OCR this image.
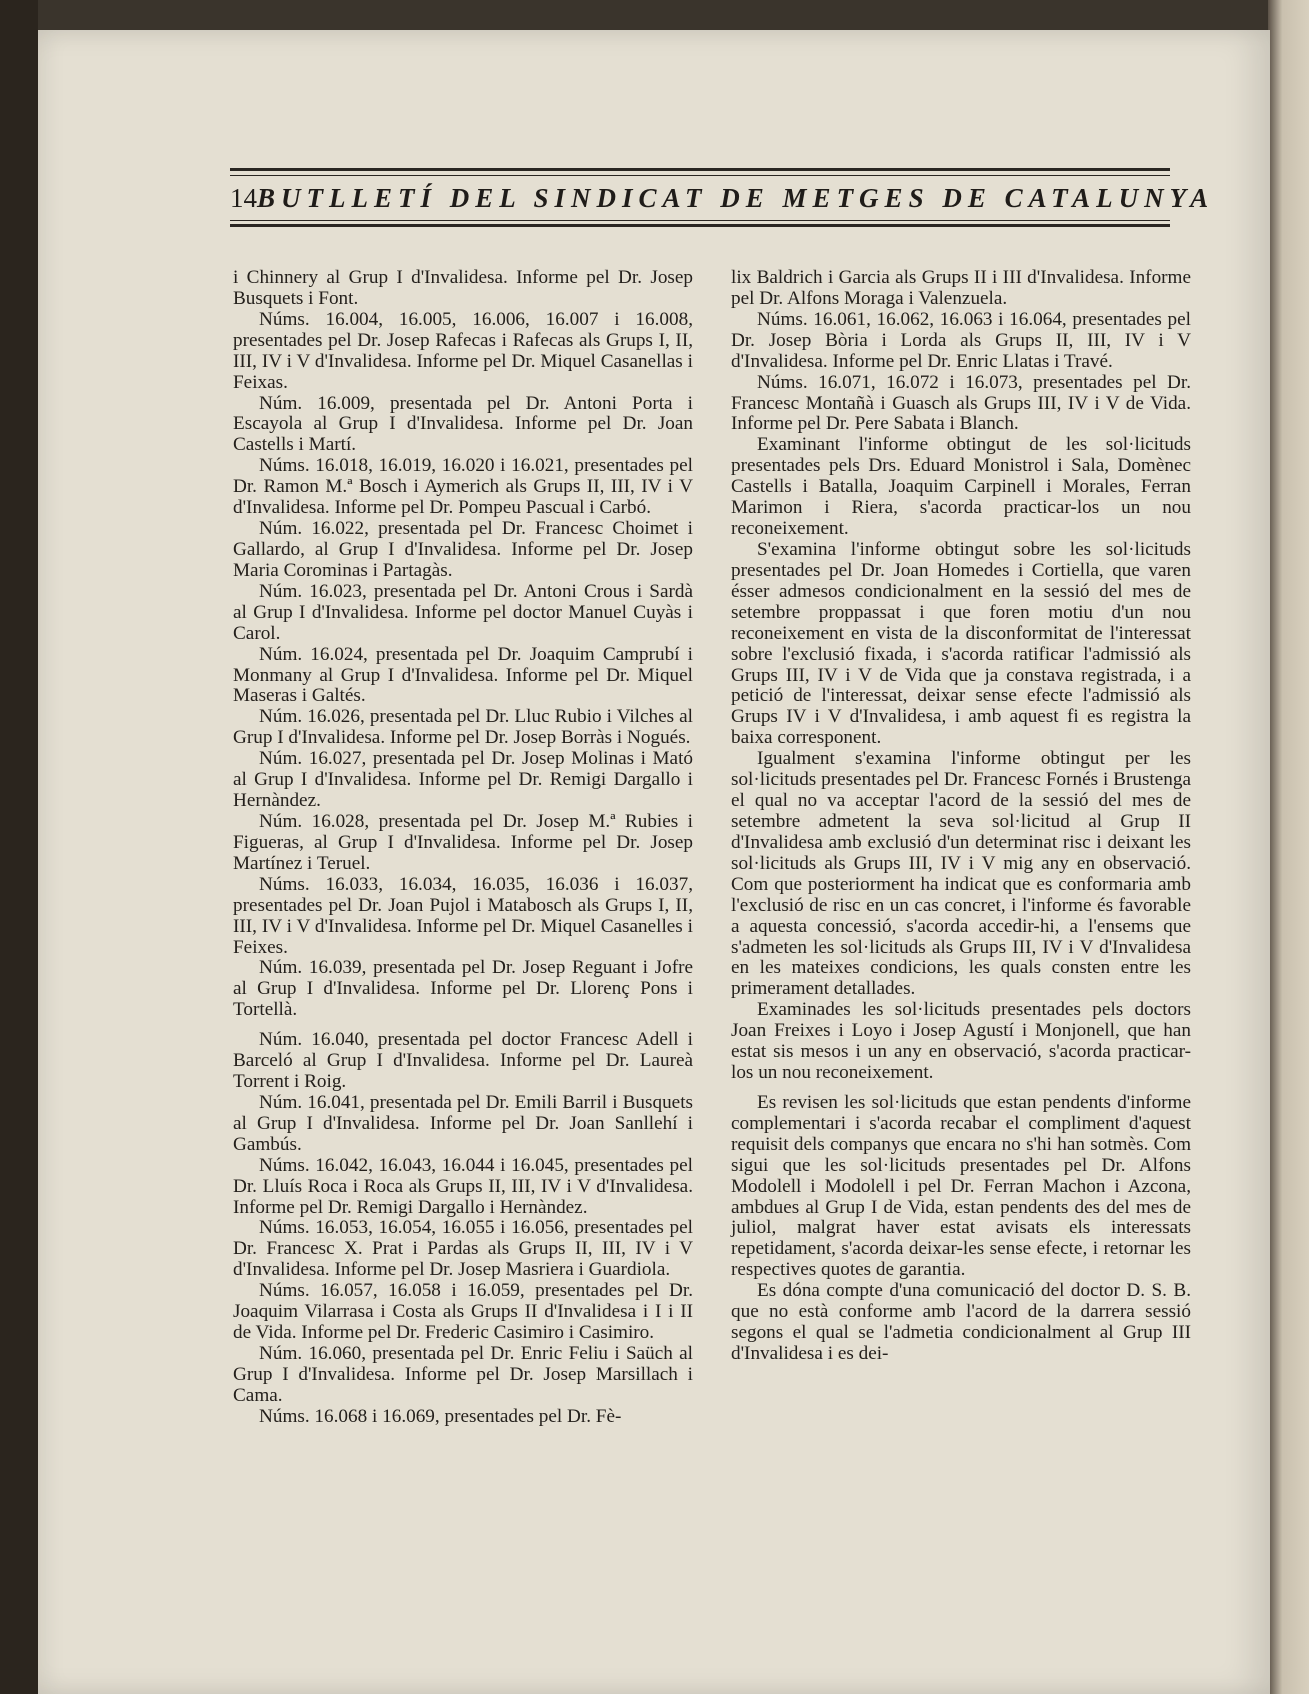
14 BUTLLETÍ DEL SINDICAT DE METGES DE CATALUNYA

i Chinnery al Grup I d'Invalidesa. Informe pel Dr. Josep Busquets i Font.

Núms. 16.004, 16.005, 16.006, 16.007 i 16.008, presentades pel Dr. Josep Rafecas i Rafecas als Grups I, II, III, IV i V d'Invalidesa. Informe pel Dr. Miquel Casanellas i Feixas.

Núm. 16.009, presentada pel Dr. Antoni Porta i Escayola al Grup I d'Invalidesa. Informe pel Dr. Joan Castells i Martí.

Núms. 16.018, 16.019, 16.020 i 16.021, presentades pel Dr. Ramon M.ª Bosch i Aymerich als Grups II, III, IV i V d'Invalidesa. Informe pel Dr. Pompeu Pascual i Carbó.

Núm. 16.022, presentada pel Dr. Francesc Choimet i Gallardo, al Grup I d'Invalidesa. Informe pel Dr. Josep Maria Corominas i Partagàs.

Núm. 16.023, presentada pel Dr. Antoni Crous i Sardà al Grup I d'Invalidesa. Informe pel doctor Manuel Cuyàs i Carol.

Núm. 16.024, presentada pel Dr. Joaquim Camprubí i Monmany al Grup I d'Invalidesa. Informe pel Dr. Miquel Maseras i Galtés.

Núm. 16.026, presentada pel Dr. Lluc Rubio i Vilches al Grup I d'Invalidesa. Informe pel Dr. Josep Borràs i Nogués.

Núm. 16.027, presentada pel Dr. Josep Molinas i Mató al Grup I d'Invalidesa. Informe pel Dr. Remigi Dargallo i Hernàndez.

Núm. 16.028, presentada pel Dr. Josep M.ª Rubies i Figueras, al Grup I d'Invalidesa. Informe pel Dr. Josep Martínez i Teruel.

Núms. 16.033, 16.034, 16.035, 16.036 i 16.037, presentades pel Dr. Joan Pujol i Matabosch als Grups I, II, III, IV i V d'Invalidesa. Informe pel Dr. Miquel Casanelles i Feixes.

Núm. 16.039, presentada pel Dr. Josep Reguant i Jofre al Grup I d'Invalidesa. Informe pel Dr. Llorenç Pons i Tortellà.

Núm. 16.040, presentada pel doctor Francesc Adell i Barceló al Grup I d'Invalidesa. Informe pel Dr. Laureà Torrent i Roig.

Núm. 16.041, presentada pel Dr. Emili Barril i Busquets al Grup I d'Invalidesa. Informe pel Dr. Joan Sanllehí i Gambús.

Núms. 16.042, 16.043, 16.044 i 16.045, presentades pel Dr. Lluís Roca i Roca als Grups II, III, IV i V d'Invalidesa. Informe pel Dr. Remigi Dargallo i Hernàndez.

Núms. 16.053, 16.054, 16.055 i 16.056, presentades pel Dr. Francesc X. Prat i Pardas als Grups II, III, IV i V d'Invalidesa. Informe pel Dr. Josep Masriera i Guardiola.

Núms. 16.057, 16.058 i 16.059, presentades pel Dr. Joaquim Vilarrasa i Costa als Grups II d'Invalidesa i I i II de Vida. Informe pel Dr. Frederic Casimiro i Casimiro.

Núm. 16.060, presentada pel Dr. Enric Feliu i Saüch al Grup I d'Invalidesa. Informe pel Dr. Josep Marsillach i Cama.

Núms. 16.068 i 16.069, presentades pel Dr. Fè-

lix Baldrich i Garcia als Grups II i III d'Invalidesa. Informe pel Dr. Alfons Moraga i Valenzuela.

Núms. 16.061, 16.062, 16.063 i 16.064, presentades pel Dr. Josep Bòria i Lorda als Grups II, III, IV i V d'Invalidesa. Informe pel Dr. Enric Llatas i Travé.

Núms. 16.071, 16.072 i 16.073, presentades pel Dr. Francesc Montañà i Guasch als Grups III, IV i V de Vida. Informe pel Dr. Pere Sabata i Blanch.

Examinant l'informe obtingut de les sol·licituds presentades pels Drs. Eduard Monistrol i Sala, Domènec Castells i Batalla, Joaquim Carpinell i Morales, Ferran Marimon i Riera, s'acorda practicar-los un nou reconeixement.

S'examina l'informe obtingut sobre les sol·licituds presentades pel Dr. Joan Homedes i Cortiella, que varen ésser admesos condicionalment en la sessió del mes de setembre proppassat i que foren motiu d'un nou reconeixement en vista de la disconformitat de l'interessat sobre l'exclusió fixada, i s'acorda ratificar l'admissió als Grups III, IV i V de Vida que ja constava registrada, i a petició de l'interessat, deixar sense efecte l'admissió als Grups IV i V d'Invalidesa, i amb aquest fi es registra la baixa corresponent.

Igualment s'examina l'informe obtingut per les sol·licituds presentades pel Dr. Francesc Fornés i Brustenga el qual no va acceptar l'acord de la sessió del mes de setembre admetent la seva sol·licitud al Grup II d'Invalidesa amb exclusió d'un determinat risc i deixant les sol·licituds als Grups III, IV i V mig any en observació. Com que posteriorment ha indicat que es conformaria amb l'exclusió de risc en un cas concret, i l'informe és favorable a aquesta concessió, s'acorda accedir-hi, a l'ensems que s'admeten les sol·licituds als Grups III, IV i V d'Invalidesa en les mateixes condicions, les quals consten entre les primerament detallades.

Examinades les sol·licituds presentades pels doctors Joan Freixes i Loyo i Josep Agustí i Monjonell, que han estat sis mesos i un any en observació, s'acorda practicar-los un nou reconeixement.

Es revisen les sol·licituds que estan pendents d'informe complementari i s'acorda recabar el compliment d'aquest requisit dels companys que encara no s'hi han sotmès. Com sigui que les sol·licituds presentades pel Dr. Alfons Modolell i Modolell i pel Dr. Ferran Machon i Azcona, ambdues al Grup I de Vida, estan pendents des del mes de juliol, malgrat haver estat avisats els interessats repetidament, s'acorda deixar-les sense efecte, i retornar les respectives quotes de garantia.

Es dóna compte d'una comunicació del doctor D. S. B. que no està conforme amb l'acord de la darrera sessió segons el qual se l'admetia condicionalment al Grup III d'Invalidesa i es dei-
